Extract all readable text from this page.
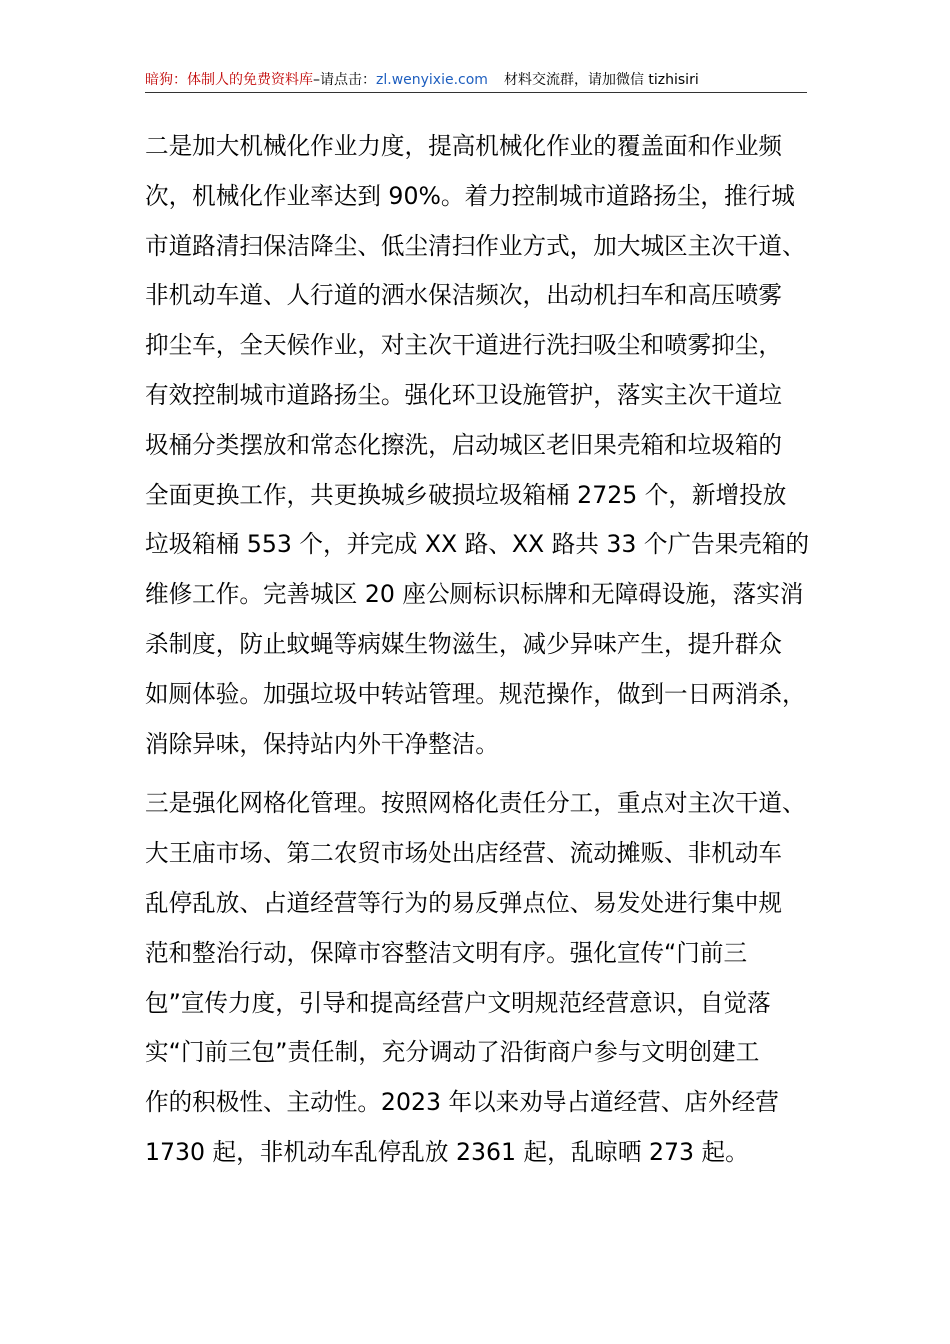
暗狗：体制人的免费资料库–请点击：zl.wenyixie.com 材料交流群，请加微信 tizhisiri
二是加大机械化作业力度，提高机械化作业的覆盖面和作业频
次，机械化作业率达到 90%。着力控制城市道路扬尘，推行城
市道路清扫保洁降尘、低尘清扫作业方式，加大城区主次干道、
非机动车道、人行道的洒水保洁频次，出动机扫车和高压喷雾
抑尘车，全天候作业，对主次干道进行洗扫吸尘和喷雾抑尘，
有效控制城市道路扬尘。强化环卫设施管护，落实主次干道垃
圾桶分类摆放和常态化擦洗，启动城区老旧果壳箱和垃圾箱的
全面更换工作，共更换城乡破损垃圾箱桶 2725 个，新增投放
垃圾箱桶 553 个，并完成 XX 路、XX 路共 33 个广告果壳箱的
维修工作。完善城区 20 座公厕标识标牌和无障碍设施，落实消
杀制度，防止蚊蝇等病媒生物滋生，减少异味产生，提升群众
如厕体验。加强垃圾中转站管理。规范操作，做到一日两消杀，
消除异味，保持站内外干净整洁。
三是强化网格化管理。按照网格化责任分工，重点对主次干道、
大王庙市场、第二农贸市场处出店经营、流动摊贩、非机动车
乱停乱放、占道经营等行为的易反弹点位、易发处进行集中规
范和整治行动，保障市容整洁文明有序。强化宣传“门前三
包”宣传力度，引导和提高经营户文明规范经营意识，自觉落
实“门前三包”责任制，充分调动了沿街商户参与文明创建工
作的积极性、主动性。2023 年以来劝导占道经营、店外经营
1730 起，非机动车乱停乱放 2361 起，乱晾晒 273 起。
